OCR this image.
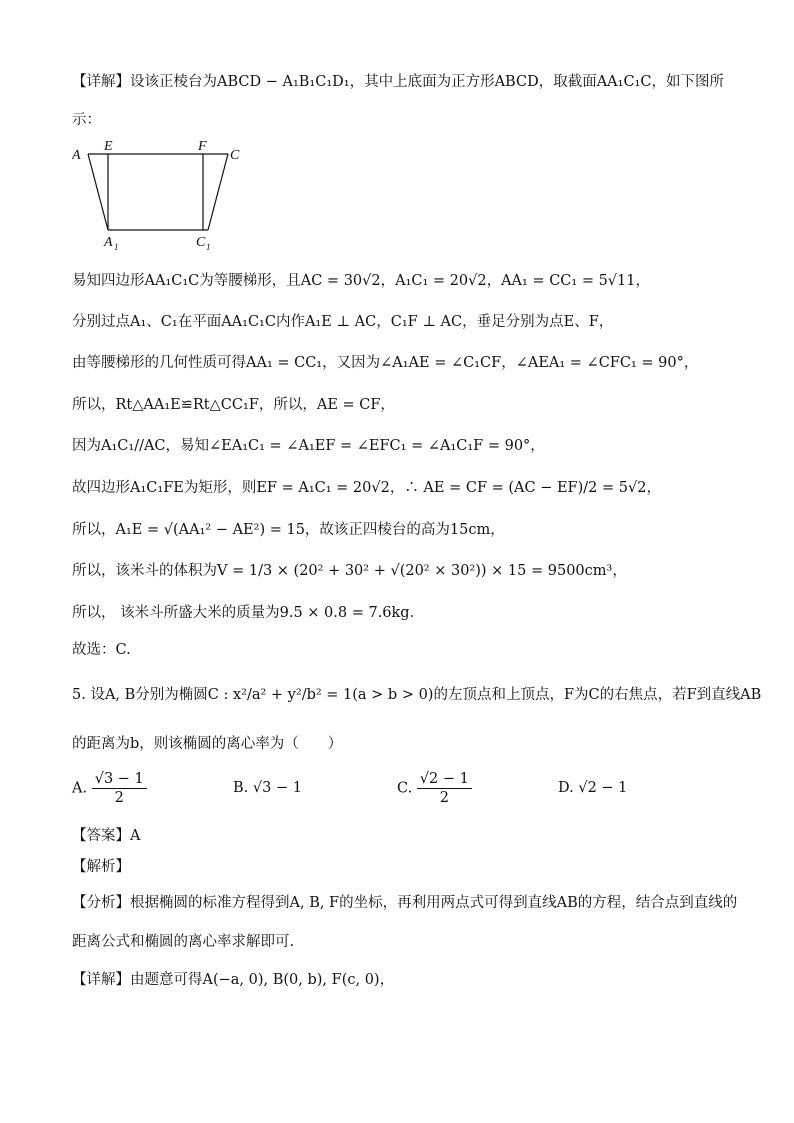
【详解】设该正棱台为ABCD − A₁B₁C₁D₁，其中上底面为正方形ABCD，取截面AA₁C₁C，如下图所
示：
A
E	F
C
A 1	C 1
易知四边形AA₁C₁C为等腰梯形，且AC = 30√2，A₁C₁ = 20√2，AA₁ = CC₁ = 5√11，
分别过点A₁、C₁在平面AA₁C₁C内作A₁E ⊥ AC，C₁F ⊥ AC，垂足分别为点E、F，
由等腰梯形的几何性质可得AA₁ = CC₁，又因为∠A₁AE = ∠C₁CF，∠AEA₁ = ∠CFC₁ = 90°，
所以，Rt△AA₁E≌Rt△CC₁F，所以，AE = CF，
因为A₁C₁//AC，易知∠EA₁C₁ = ∠A₁EF = ∠EFC₁ = ∠A₁C₁F = 90°，
故四边形A₁C₁FE为矩形，则EF = A₁C₁ = 20√2，∴ AE = CF = (AC − EF)/2 = 5√2，
所以，A₁E = √(AA₁² − AE²) = 15，故该正四棱台的高为15cm，
所以，该米斗的体积为V = 1/3 × (20² + 30² + √(20² × 30²)) × 15 = 9500cm³，
所以， 该米斗所盛大米的质量为9.5 × 0.8 = 7.6kg．
故选：C.
5. 设A, B分别为椭圆C : x²/a² + y²/b² = 1(a > b > 0)的左顶点和上顶点，F为C的右焦点，若F到直线AB
的距离为b，则该椭圆的离心率为（　　）
A. $\frac{√3 - 1}{2}$	B. √3 − 1	C. $\frac{√2 - 1}{2}$	D. √2 − 1
【答案】A
【解析】
【分析】根据椭圆的标准方程得到A, B, F的坐标，再利用两点式可得到直线AB的方程，结合点到直线的
距离公式和椭圆的离心率求解即可.
【详解】由题意可得A(−a, 0), B(0, b), F(c, 0)，
